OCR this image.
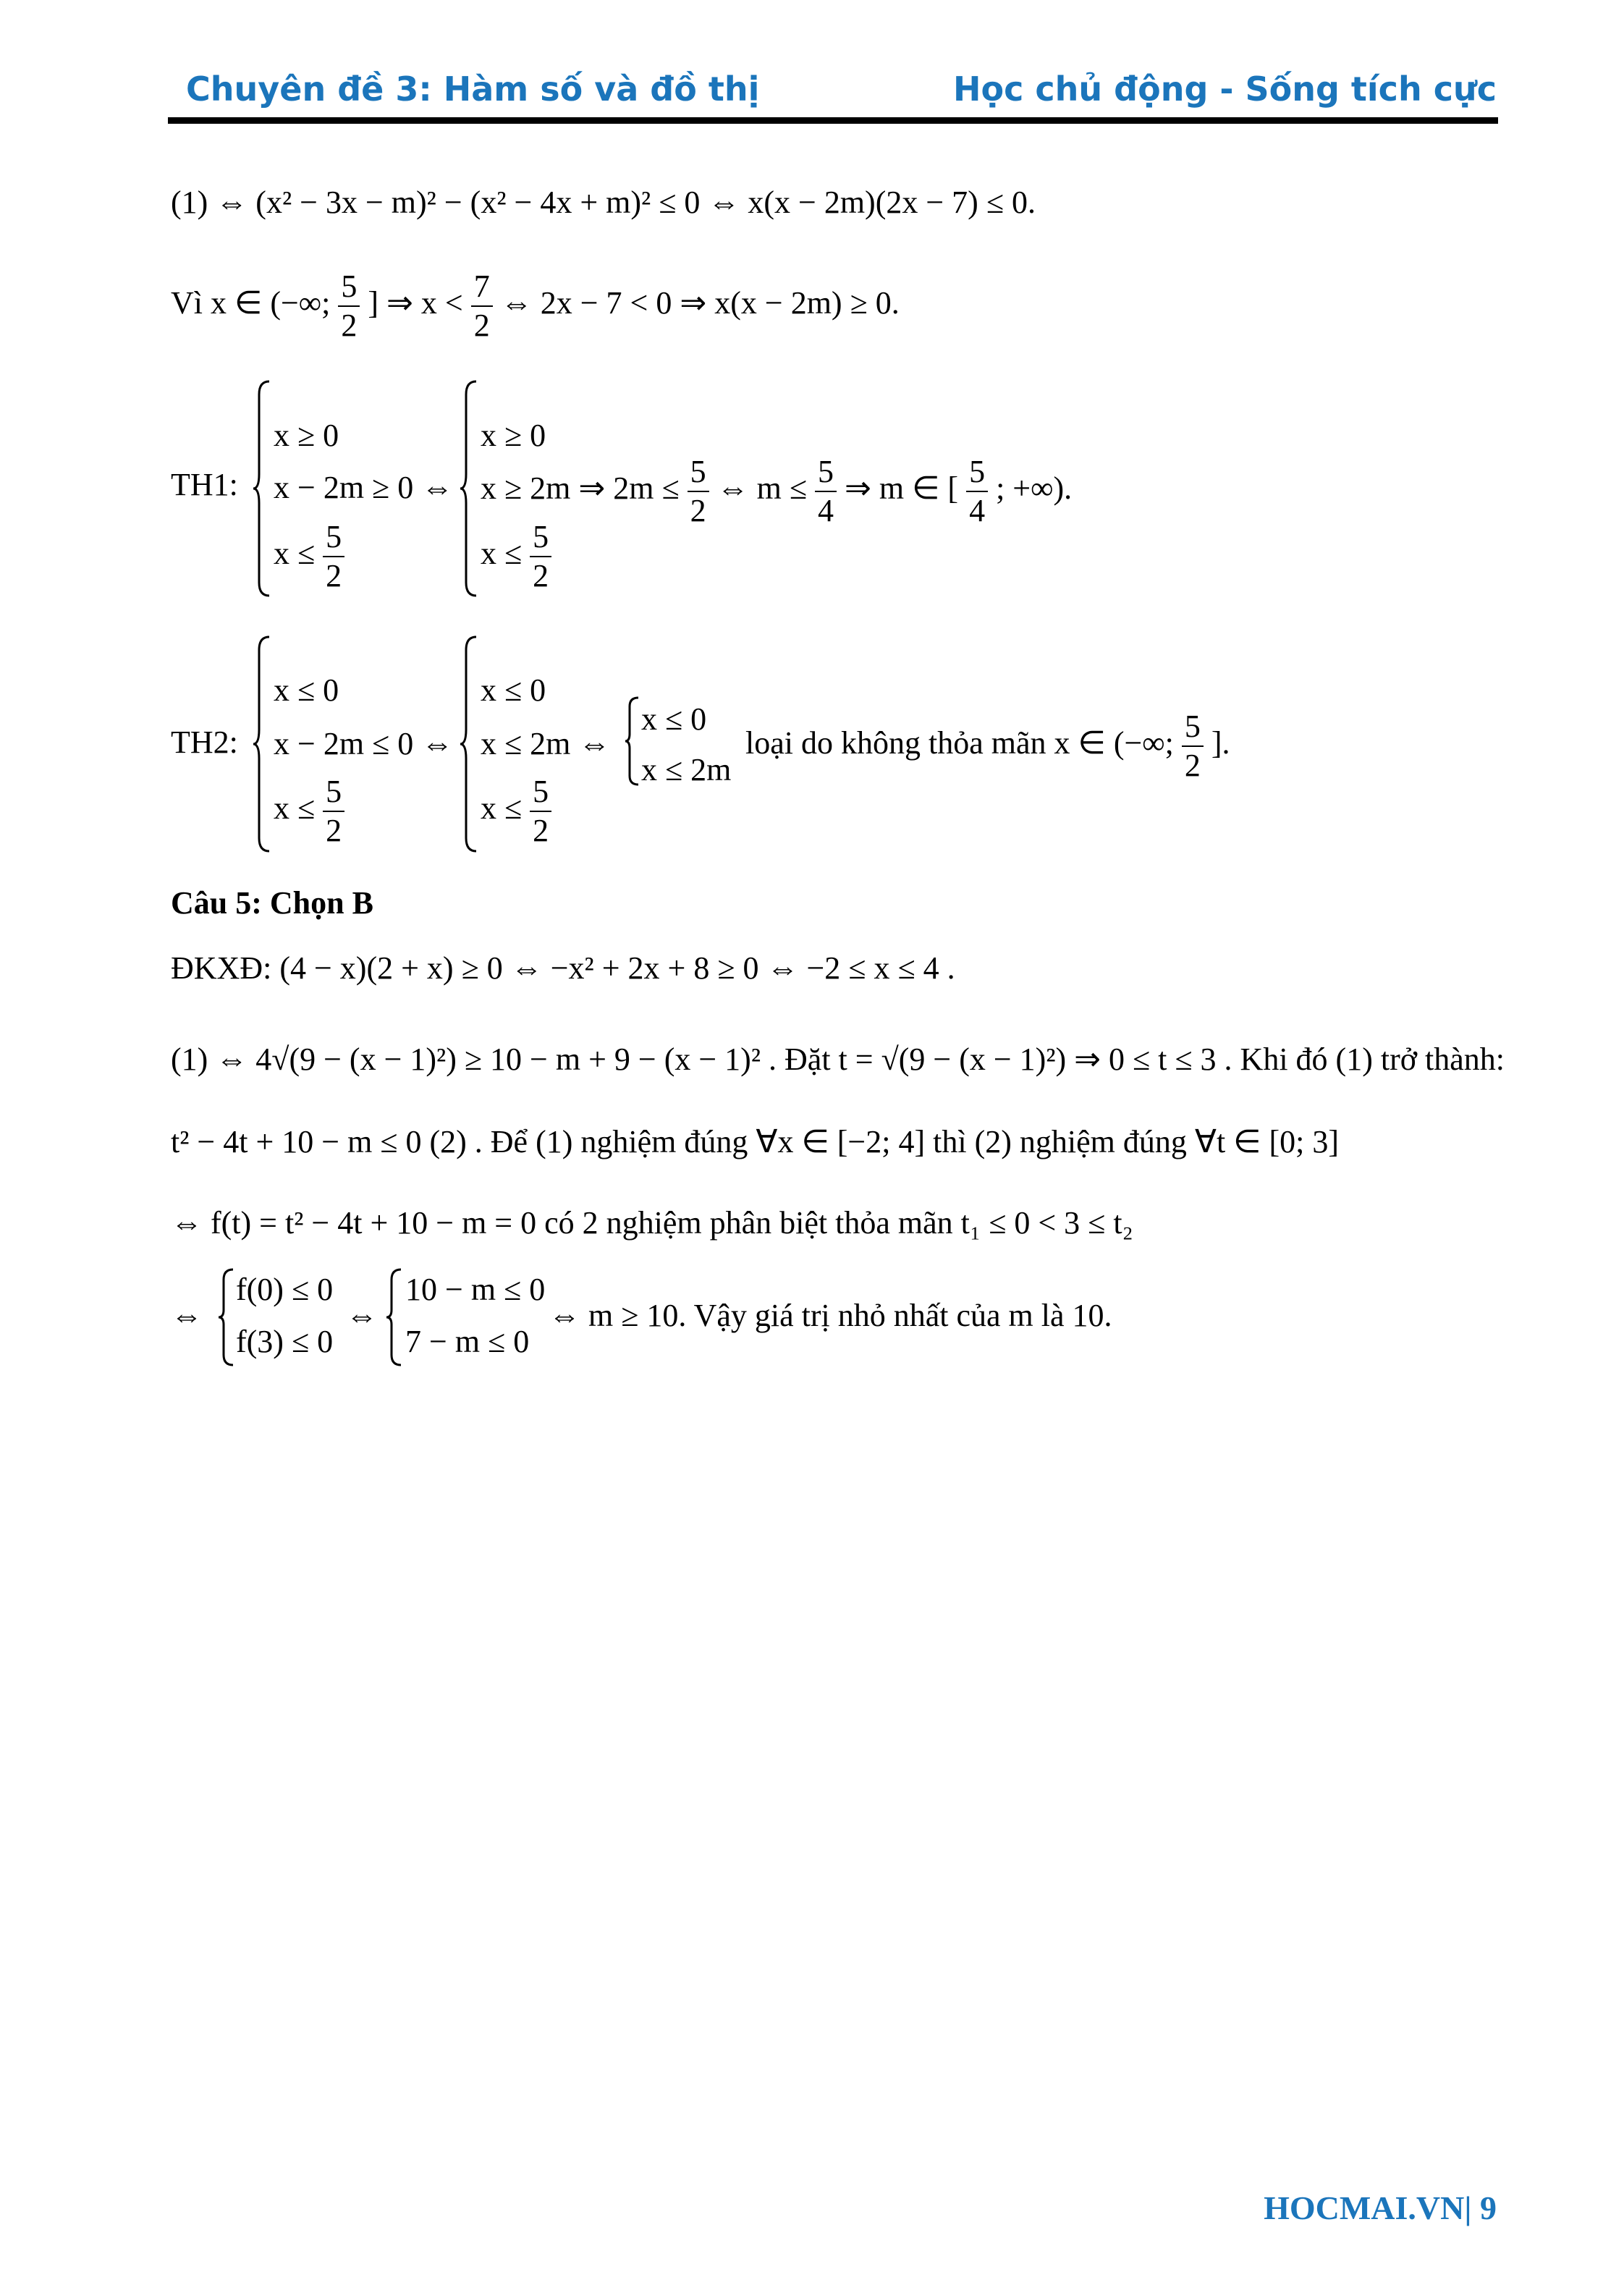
Chuyên đề 3: Hàm số và đồ thị	Học chủ động - Sống tích cực
(1) ⇔ (x² − 3x − m)² − (x² − 4x + m)² ≤ 0 ⇔ x(x − 2m)(2x − 7) ≤ 0.
Vì x ∈ (−∞; $\frac{5}{2}$ ] ⇒ $x < \frac{7}{2}$ ⇔ 2x − 7 < 0 ⇒ x(x − 2m) ≥ 0.
TH1:
x ≥ 0
x − 2m ≥ 0 ⇔
$x \le \frac{5}{2}$
x ≥ 0
x ≥ 2m ⇒ $2m \le \frac{5}{2}$ ⇔ $m \le \frac{5}{4}$ ⇒ m ∈ [ $\frac{5}{4}$ ; +∞).
$x \le \frac{5}{2}$
TH2:
x ≤ 0
x − 2m ≤ 0 ⇔
$x \le \frac{5}{2}$
x ≤ 0
x ≤ 2m ⇔
$x \le \frac{5}{2}$
x ≤ 0
x ≤ 2m
loại do không thỏa mãn x ∈ (−∞; $\frac{5}{2}$ ].
Câu 5: Chọn B
ĐKXĐ: (4 − x)(2 + x) ≥ 0 ⇔ −x² + 2x + 8 ≥ 0 ⇔ −2 ≤ x ≤ 4 .
(1) ⇔ 4√(9 − (x − 1)²) ≥ 10 − m + 9 − (x − 1)² . Đặt t = √(9 − (x − 1)²) ⇒ 0 ≤ t ≤ 3 . Khi đó (1) trở thành:
t² − 4t + 10 − m ≤ 0 (2) . Để (1) nghiệm đúng ∀x ∈ [−2; 4] thì (2) nghiệm đúng ∀t ∈ [0; 3]
⇔ f(t) = t² − 4t + 10 − m = 0 có 2 nghiệm phân biệt thỏa mãn t₁ ≤ 0 < 3 ≤ t₂
⇔
f(0) ≤ 0
f(3) ≤ 0
⇔
10 − m ≤ 0
7 − m ≤ 0
⇔ m ≥ 10. Vậy giá trị nhỏ nhất của m là 10.
HOCMAI.VN| 9
